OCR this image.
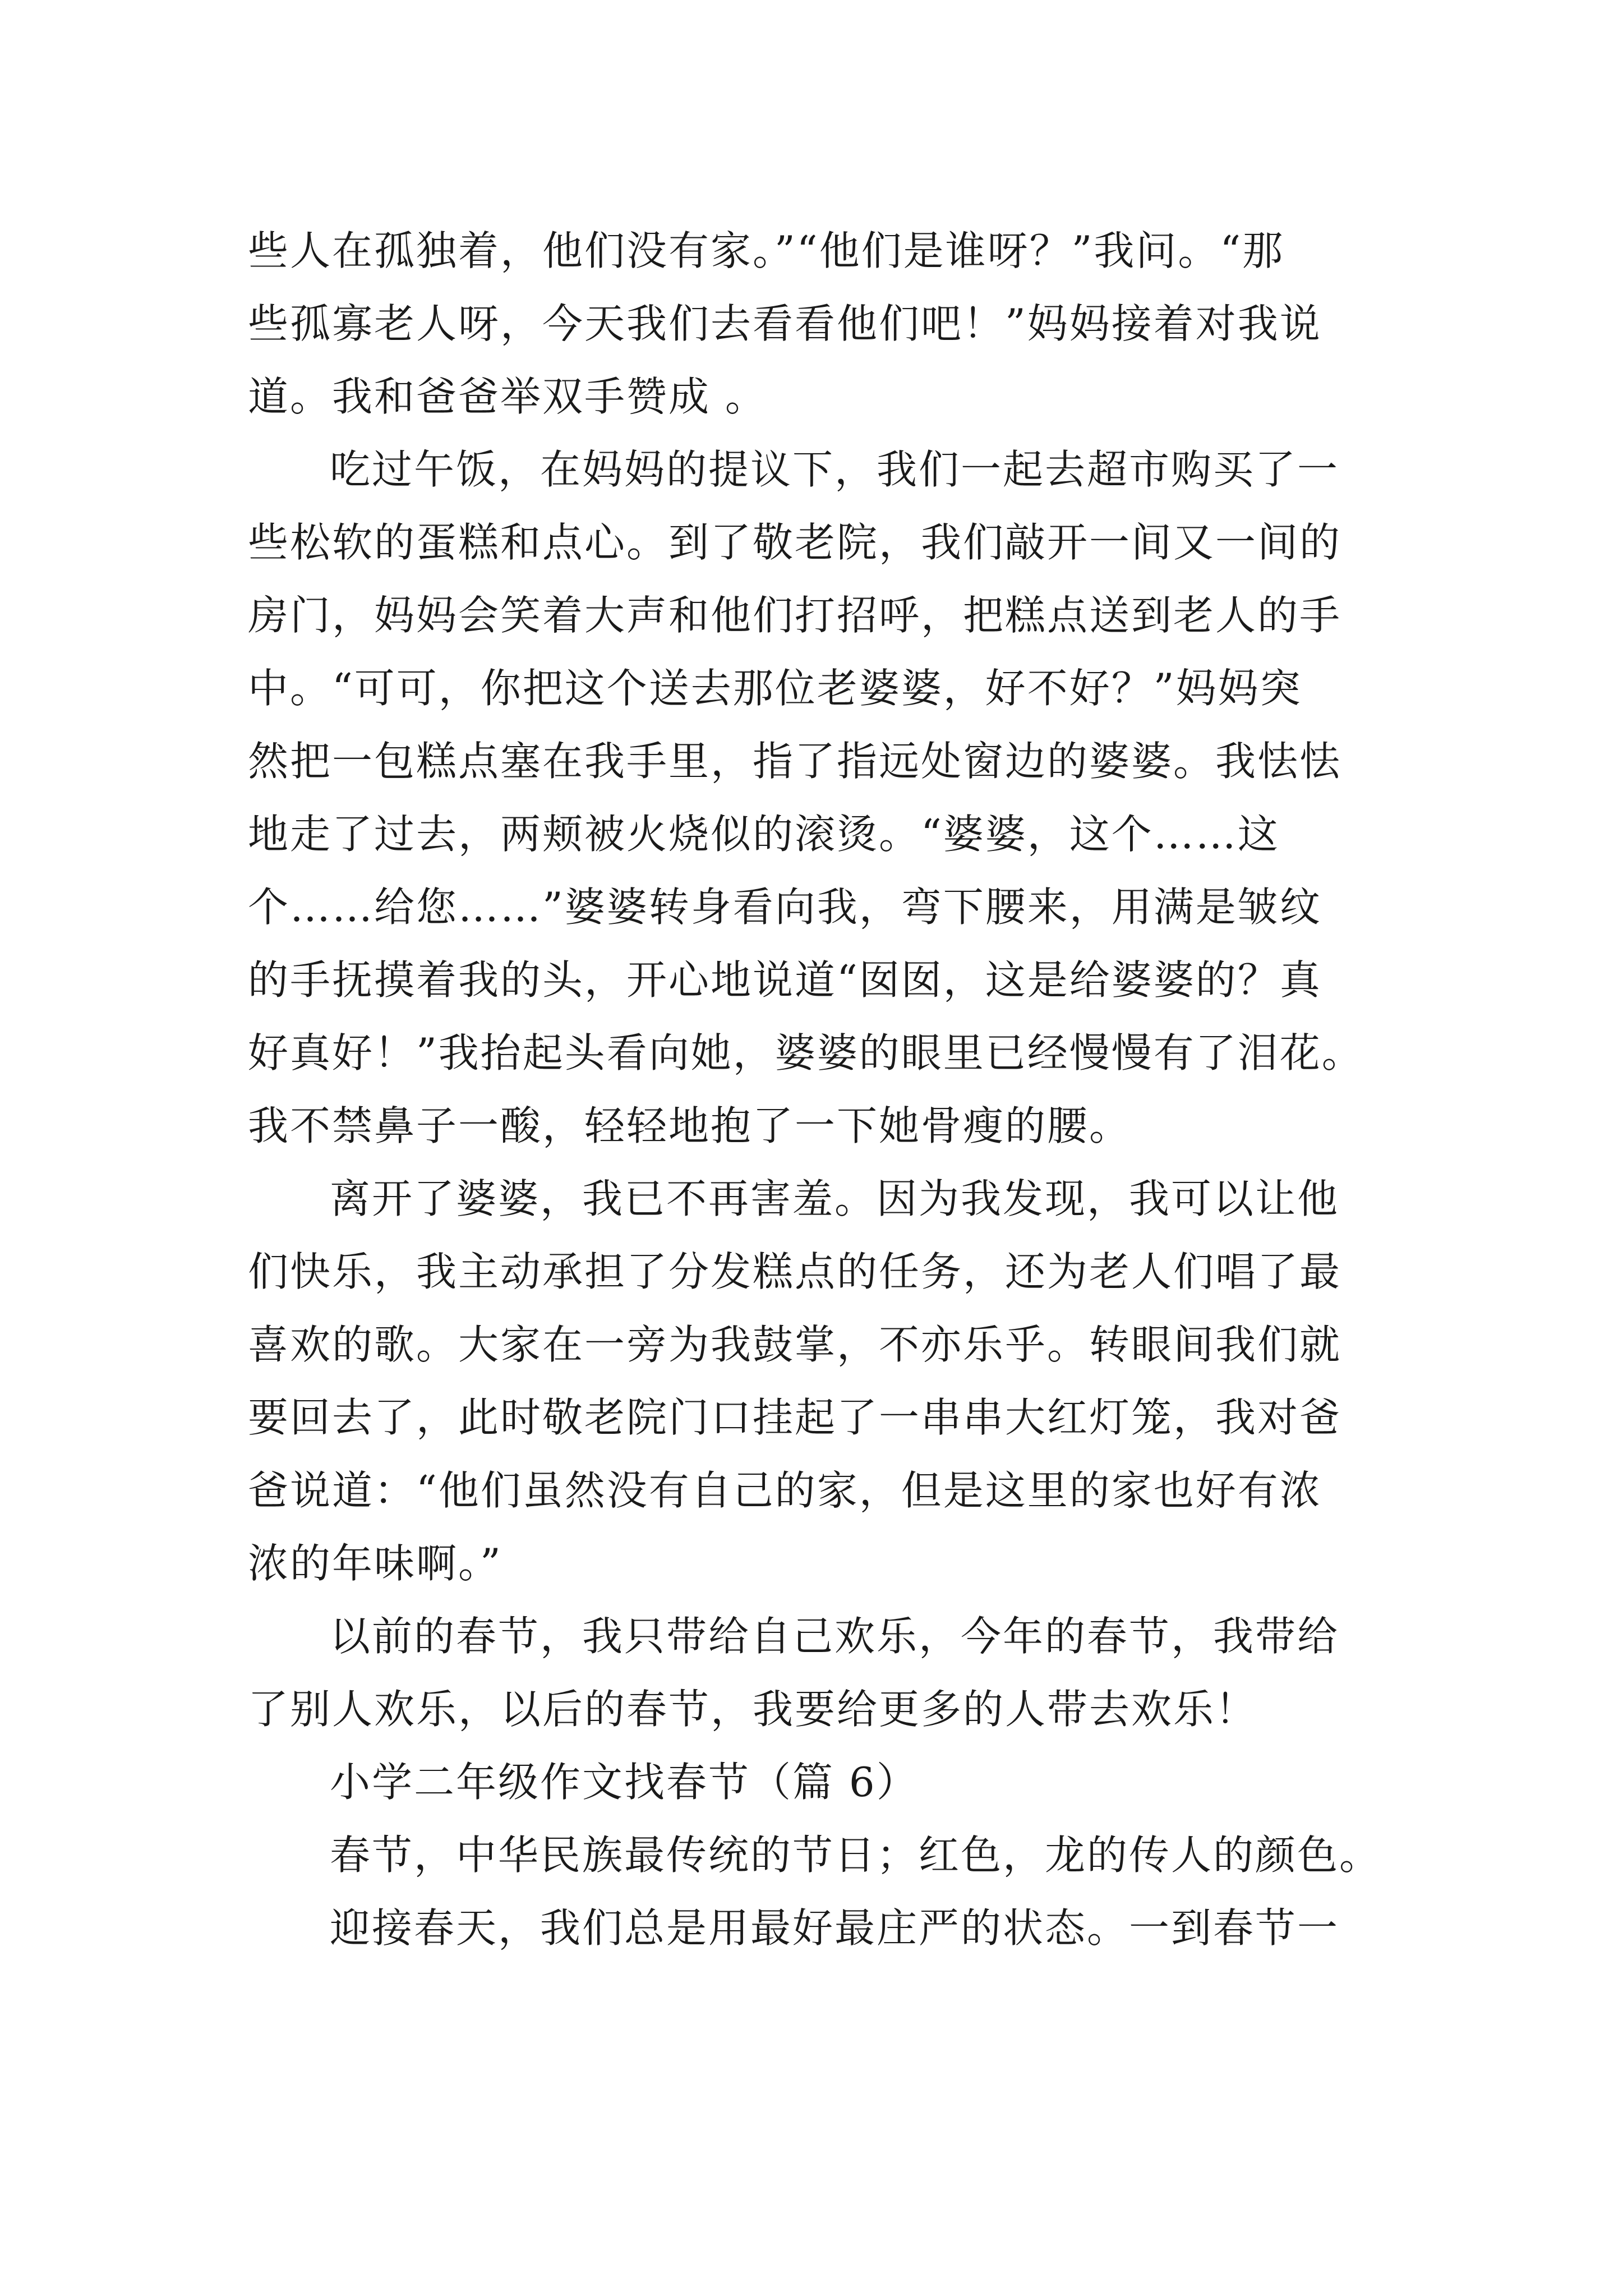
些人在孤独着，他们没有家。”“他们是谁呀？”我问。“那
些孤寡老人呀，今天我们去看看他们吧！”妈妈接着对我说
道。我和爸爸举双手赞成 。
吃过午饭，在妈妈的提议下，我们一起去超市购买了一
些松软的蛋糕和点心。到了敬老院，我们敲开一间又一间的
房门，妈妈会笑着大声和他们打招呼，把糕点送到老人的手
中。“可可，你把这个送去那位老婆婆，好不好？”妈妈突
然把一包糕点塞在我手里，指了指远处窗边的婆婆。我怯怯
地走了过去，两颊被火烧似的滚烫。“婆婆，这个……这
个……给您……”婆婆转身看向我，弯下腰来，用满是皱纹
的手抚摸着我的头，开心地说道“囡囡，这是给婆婆的？真
好真好！”我抬起头看向她，婆婆的眼里已经慢慢有了泪花。
我不禁鼻子一酸，轻轻地抱了一下她骨瘦的腰。
离开了婆婆，我已不再害羞。因为我发现，我可以让他
们快乐，我主动承担了分发糕点的任务，还为老人们唱了最
喜欢的歌。大家在一旁为我鼓掌，不亦乐乎。转眼间我们就
要回去了，此时敬老院门口挂起了一串串大红灯笼，我对爸
爸说道：“他们虽然没有自己的家，但是这里的家也好有浓
浓的年味啊。”
以前的春节，我只带给自己欢乐，今年的春节，我带给
了别人欢乐，以后的春节，我要给更多的人带去欢乐！
小学二年级作文找春节（篇 6）
春节，中华民族最传统的节日；红色，龙的传人的颜色。
迎接春天，我们总是用最好最庄严的状态。一到春节一
